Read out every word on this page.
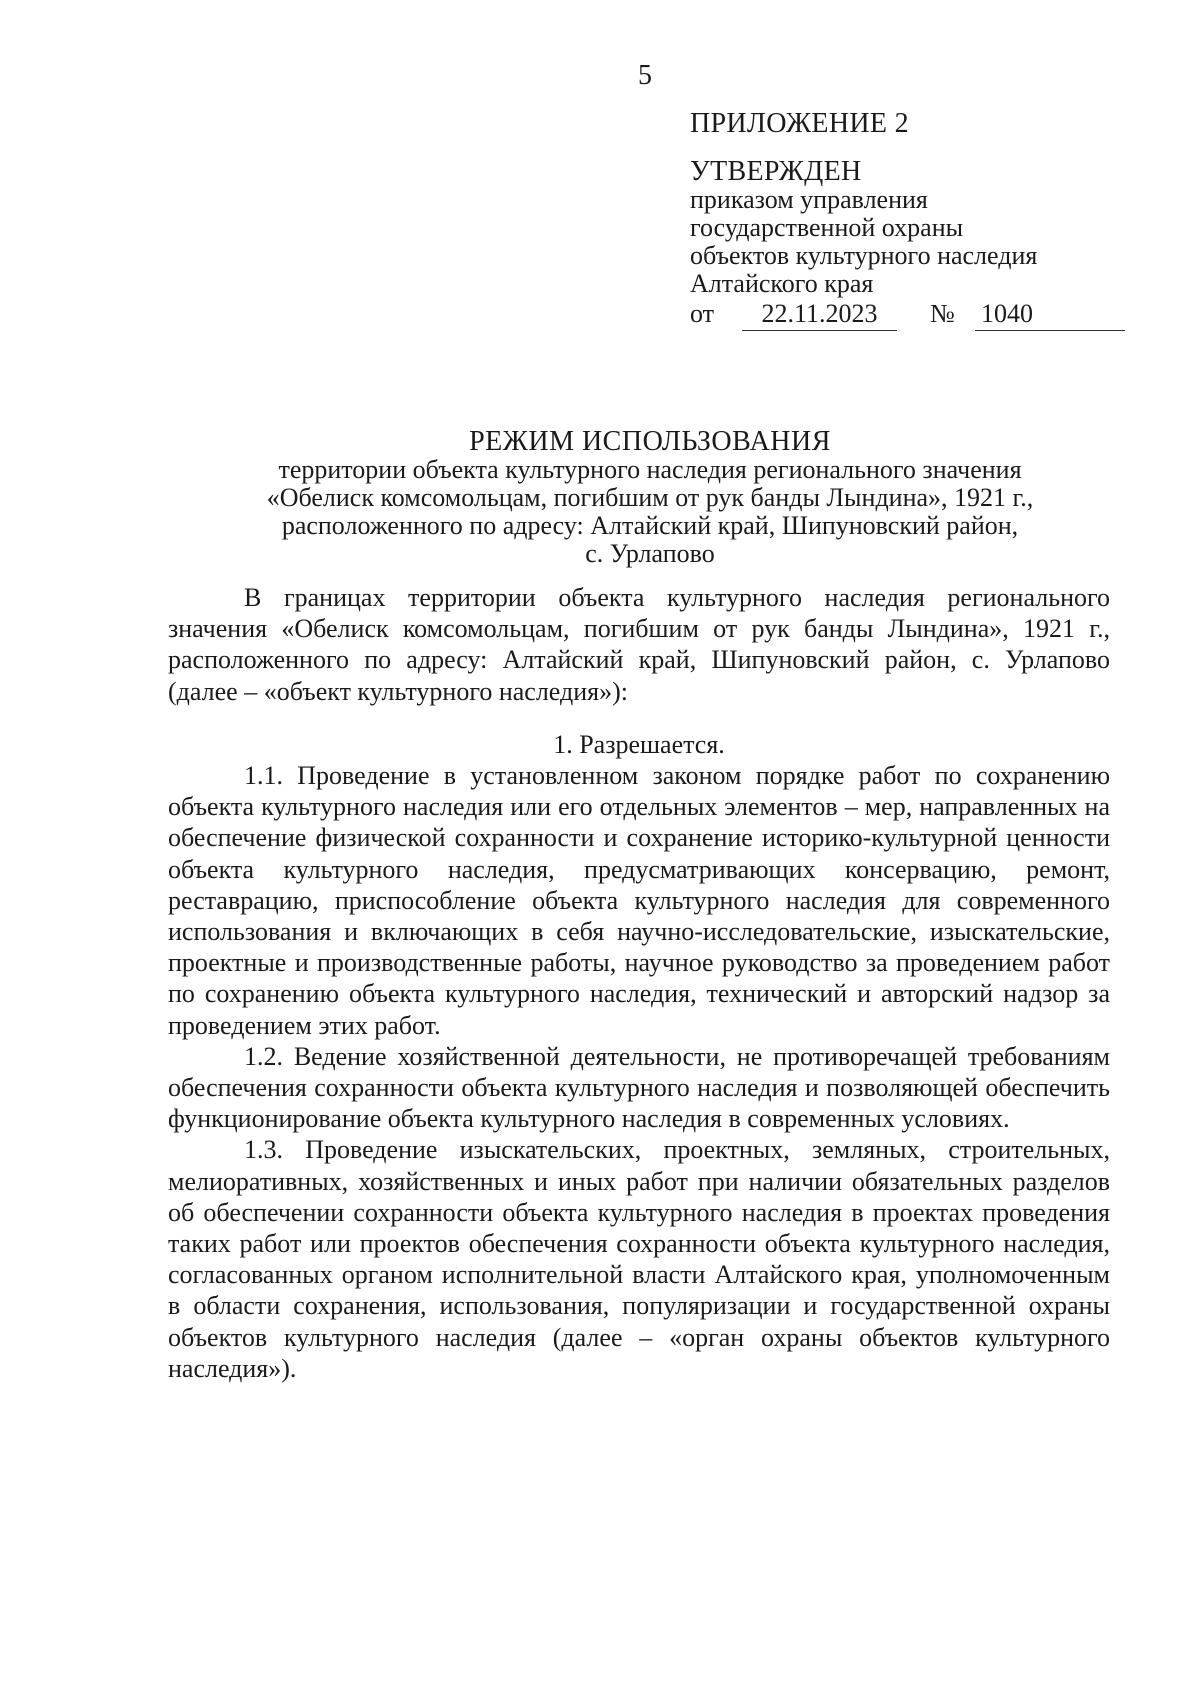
5
ПРИЛОЖЕНИЕ 2
УТВЕРЖДЕН
приказом управления
государственной охраны
объектов культурного наследия
Алтайского края
от	22.11.2023	№ 1040
РЕЖИМ ИСПОЛЬЗОВАНИЯ
территории объекта культурного наследия регионального значения
«Обелиск комсомольцам, погибшим от рук банды Лындина», 1921 г.,
расположенного по адресу: Алтайский край, Шипуновский район,
с. Урлапово

В границах территории объекта культурного наследия регионального значения «Обелиск комсомольцам, погибшим от рук банды Лындина», 1921 г., расположенного по адресу: Алтайский край, Шипуновский район, с. Урлапово (далее – «объект культурного наследия»):

1. Разрешается.

1.1. Проведение в установленном законом порядке работ по сохранению объекта культурного наследия или его отдельных элементов – мер, направленных на обеспечение физической сохранности и сохранение историко-культурной ценности объекта культурного наследия, предусматривающих консервацию, ремонт, реставрацию, приспособление объекта культурного наследия для современного использования и включающих в себя научно-исследовательские, изыскательские, проектные и производственные работы, научное руководство за проведением работ по сохранению объекта культурного наследия, технический и авторский надзор за проведением этих работ.

1.2. Ведение хозяйственной деятельности, не противоречащей требованиям обеспечения сохранности объекта культурного наследия и позволяющей обеспечить функционирование объекта культурного наследия в современных условиях.

1.3. Проведение изыскательских, проектных, земляных, строительных, мелиоративных, хозяйственных и иных работ при наличии обязательных разделов об обеспечении сохранности объекта культурного наследия в проектах проведения таких работ или проектов обеспечения сохранности объекта культурного наследия, согласованных органом исполнительной власти Алтайского края, уполномоченным в области сохранения, использования, популяризации и государственной охраны объектов культурного наследия (далее – «орган охраны объектов культурного наследия»).
